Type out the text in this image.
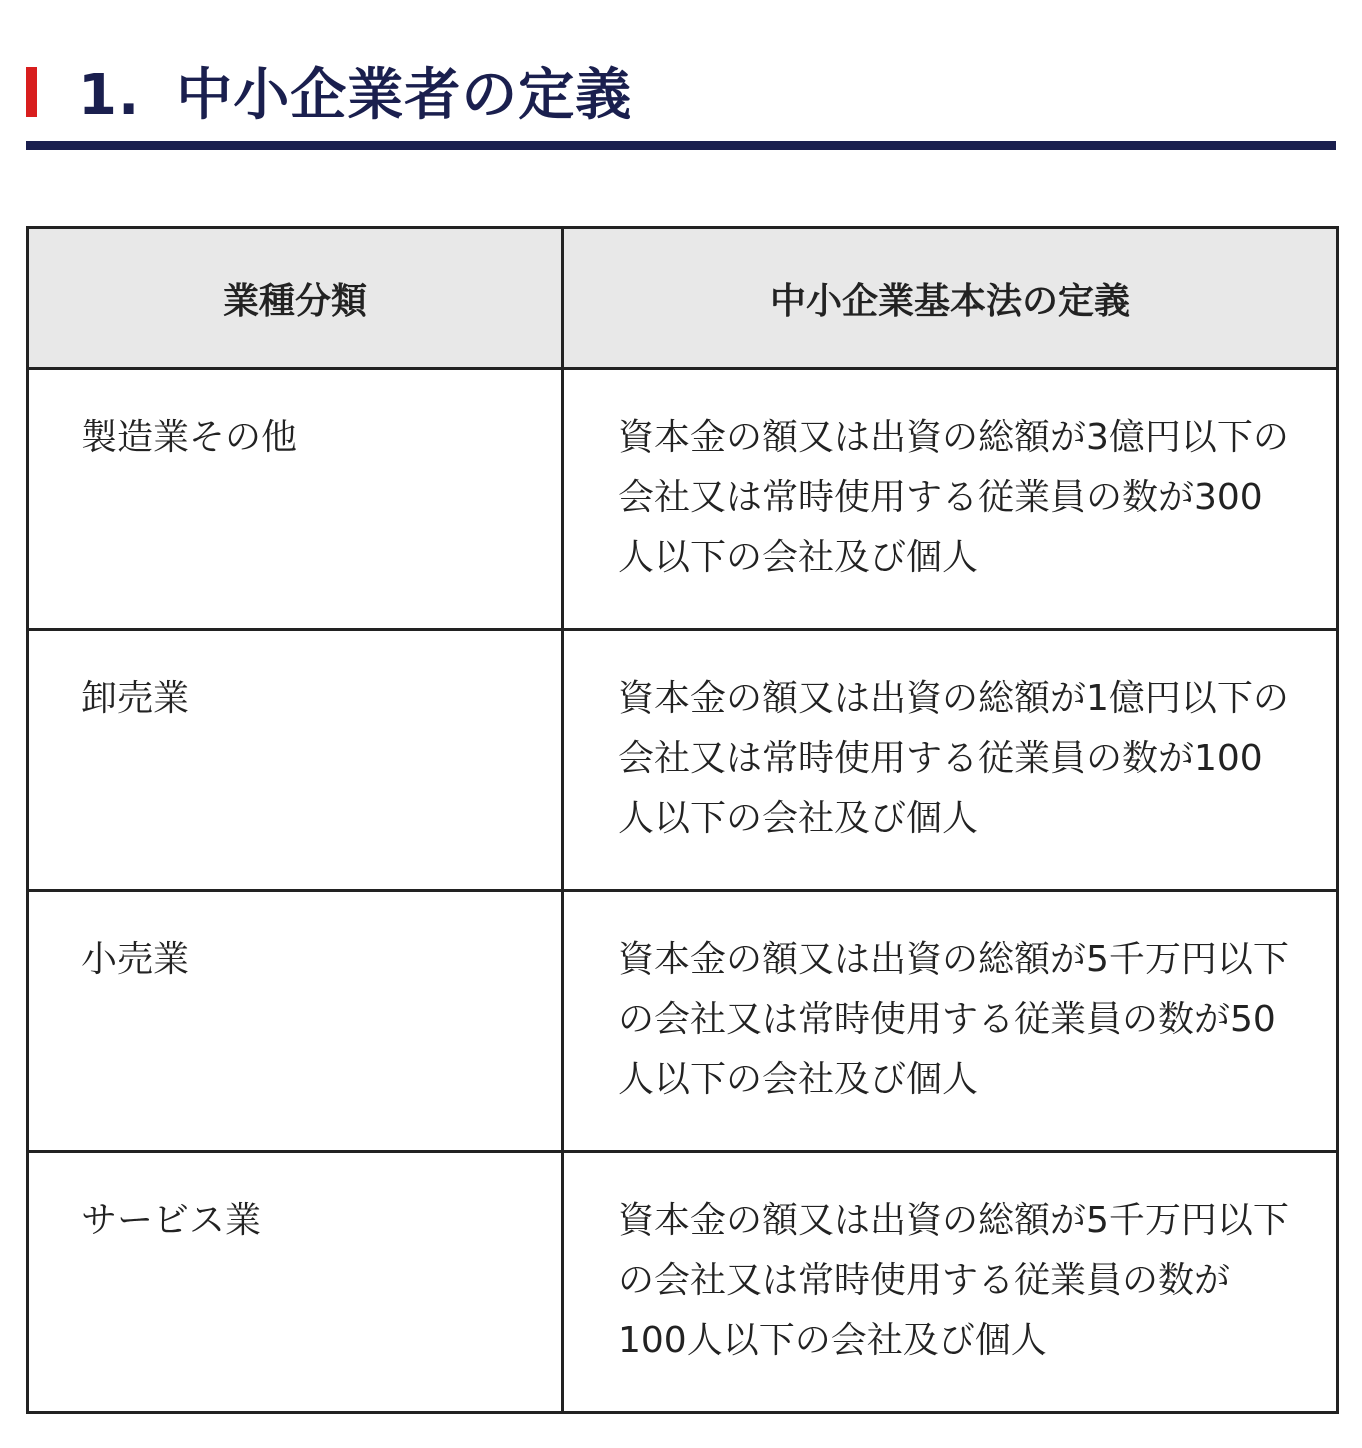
1. 中小企業者の定義
業種分類	中小企業基本法の定義
製造業その他	資本金の額又は出資の総額が3億円以下の会社又は常時使用する従業員の数が300人以下の会社及び個人
卸売業	資本金の額又は出資の総額が1億円以下の会社又は常時使用する従業員の数が100人以下の会社及び個人
小売業	資本金の額又は出資の総額が5千万円以下の会社又は常時使用する従業員の数が50人以下の会社及び個人
サービス業	資本金の額又は出資の総額が5千万円以下の会社又は常時使用する従業員の数が100人以下の会社及び個人
